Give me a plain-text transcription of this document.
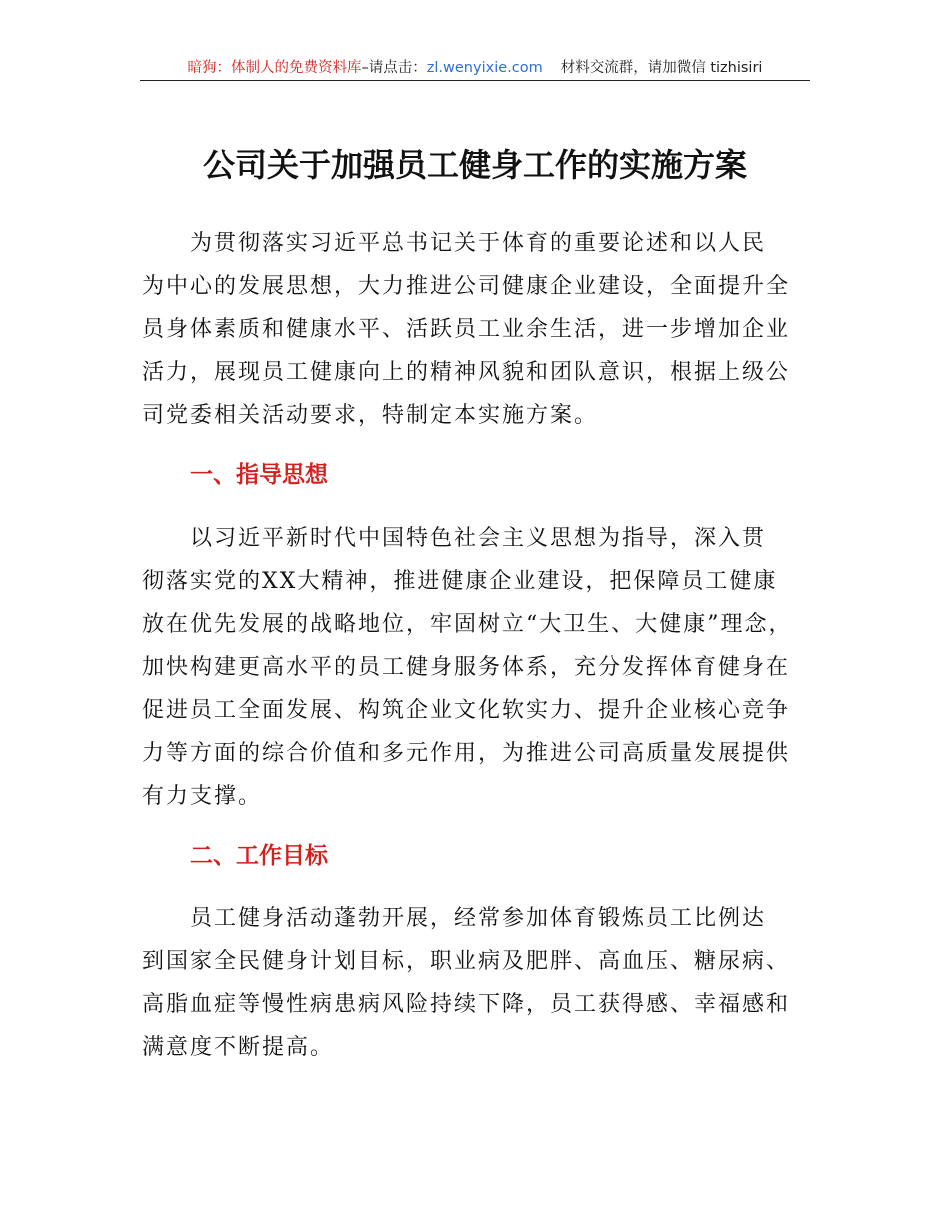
暗狗：体制人的免费资料库–请点击：zl.wenyixie.com 材料交流群，请加微信 tizhisiri
公司关于加强员工健身工作的实施方案
为贯彻落实习近平总书记关于体育的重要论述和以人民
为中心的发展思想，大力推进公司健康企业建设，全面提升全
员身体素质和健康水平、活跃员工业余生活，进一步增加企业
活力，展现员工健康向上的精神风貌和团队意识，根据上级公
司党委相关活动要求，特制定本实施方案。
一、指导思想
以习近平新时代中国特色社会主义思想为指导，深入贯
彻落实党的XX大精神，推进健康企业建设，把保障员工健康
放在优先发展的战略地位，牢固树立“大卫生、大健康”理念，
加快构建更高水平的员工健身服务体系，充分发挥体育健身在
促进员工全面发展、构筑企业文化软实力、提升企业核心竞争
力等方面的综合价值和多元作用，为推进公司高质量发展提供
有力支撑。
二、工作目标
员工健身活动蓬勃开展，经常参加体育锻炼员工比例达
到国家全民健身计划目标，职业病及肥胖、高血压、糖尿病、
高脂血症等慢性病患病风险持续下降，员工获得感、幸福感和
满意度不断提高。
